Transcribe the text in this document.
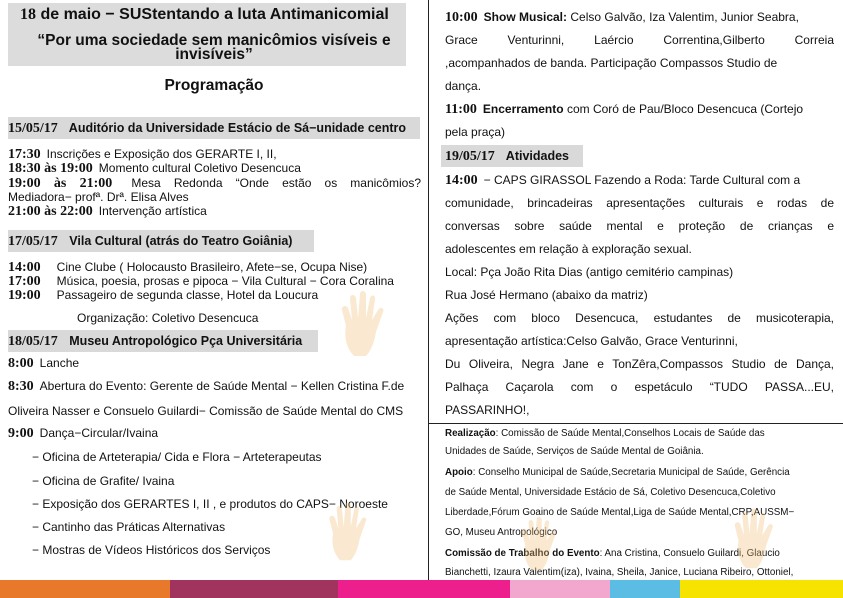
18 de maio − SUStentando a luta Antimanicomial
“Por uma sociedade sem manicômios visíveis e invisíveis”
Programação
15/05/17 Auditório da Universidade Estácio de Sá−unidade centro
17:30 Inscrições e Exposição dos GERARTE I, II,
18:30 às 19:00 Momento cultural Coletivo Desencuca
19:00 às 21:00 Mesa Redonda “Onde estão os manicômios?
Mediadora− profª. Drª. Elisa Alves
21:00 às 22:00 Intervenção artística
17/05/17 Vila Cultural (atrás do Teatro Goiânia)
14:00 Cine Clube ( Holocausto Brasileiro, Afete−se, Ocupa Nise)
17:00 Música, poesia, prosas e pipoca − Vila Cultural − Cora Coralina
19:00 Passageiro de segunda classe, Hotel da Loucura
Organização: Coletivo Desencuca
18/05/17 Museu Antropológico Pça Universitária
8:00 Lanche
8:30 Abertura do Evento: Gerente de Saúde Mental − Kellen Cristina F.de
Oliveira Nasser e Consuelo Guilardi− Comissão de Saúde Mental do CMS
9:00 Dança−Circular/Ivaina
− Oficina de Arteterapia/ Cida e Flora − Arteterapeutas
− Oficina de Grafite/ Ivaina
− Exposição dos GERARTES I, II , e produtos do CAPS− Noroeste
− Cantinho das Práticas Alternativas
− Mostras de Vídeos Históricos dos Serviços
10:00 Show Musical: Celso Galvão, Iza Valentim, Junior Seabra,
Grace Venturinni, Laércio Correntina,Gilberto Correia
,acompanhados de banda. Participação Compassos Studio de
dança.
11:00 Encerramento com Coró de Pau/Bloco Desencuca (Cortejo
pela praça)
19/05/17 Atividades
14:00 − CAPS GIRASSOL Fazendo a Roda: Tarde Cultural com a
comunidade, brincadeiras apresentações culturais e rodas de
conversas sobre saúde mental e proteção de crianças e
adolescentes em relação à exploração sexual.
Local: Pça João Rita Dias (antigo cemitério campinas)
Rua José Hermano (abaixo da matriz)
Ações com bloco Desencuca, estudantes de musicoterapia,
apresentação artística:Celso Galvão, Grace Venturinni,
Du Oliveira, Negra Jane e TonZêra,Compassos Studio de Dança,
Palhaça Caçarola com o espetáculo “TUDO PASSA...EU,
PASSARINHO!,
Realização: Comissão de Saúde Mental,Conselhos Locais de Saúde das
Unidades de Saúde, Serviços de Saúde Mental de Goiânia.
Apoio: Conselho Municipal de Saúde,Secretaria Municipal de Saúde, Gerência
de Saúde Mental, Universidade Estácio de Sá, Coletivo Desencuca,Coletivo
Liberdade,Fórum Goaino de Saúde Mental,Liga de Saúde Mental,CRP,AUSSM−
GO, Museu Antropológico
Comissão de Trabalho do Evento: Ana Cristina, Consuelo Guilardi, Glaucio
Bianchetti, Izaura Valentim(iza), Ivaina, Sheila, Janice, Luciana Ribeiro, Ottoniel,
